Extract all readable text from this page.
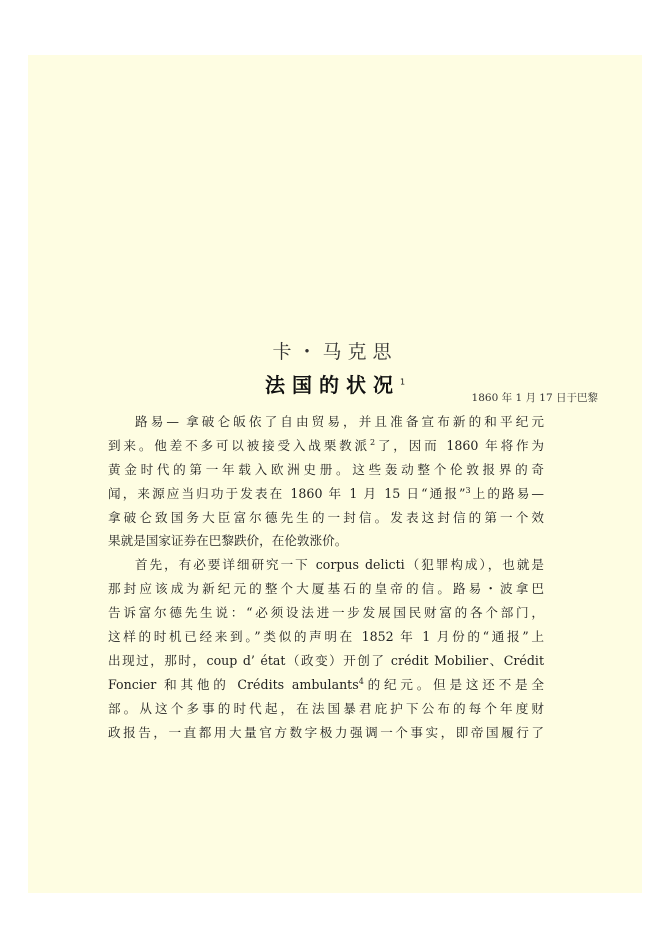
卡・马克思
法国的状况$^1$
1860 年 1 月 17 日于巴黎
路易— 拿破仑皈依了自由贸易，并且准备宣布新的和平纪元
到来。他差不多可以被接受入战栗教派$^2$了，因而 1860 年将作为
黄金时代的第一年载入欧洲史册。这些轰动整个伦敦报界的奇
闻，来源应当归功于发表在 1860 年 1 月 15 日“通报”$^3$上的路易—
拿破仑致国务大臣富尔德先生的一封信。发表这封信的第一个效
果就是国家证券在巴黎跌价，在伦敦涨价。
首先，有必要详细研究一下 corpus delicti（犯罪构成），也就是
那封应该成为新纪元的整个大厦基石的皇帝的信。路易・波拿巴
告诉富尔德先生说：“必须设法进一步发展国民财富的各个部门，
这样的时机已经来到。”类似的声明在 1852 年 1 月份的“通报”上
出现过，那时，coup d’ état（政变）开创了 crédit Mobilier、Crédit
Foncier 和其他的 Crédits ambulants$^4$的纪元。但是这还不是全
部。从这个多事的时代起，在法国暴君庇护下公布的每个年度财
政报告，一直都用大量官方数字极力强调一个事实，即帝国履行了
